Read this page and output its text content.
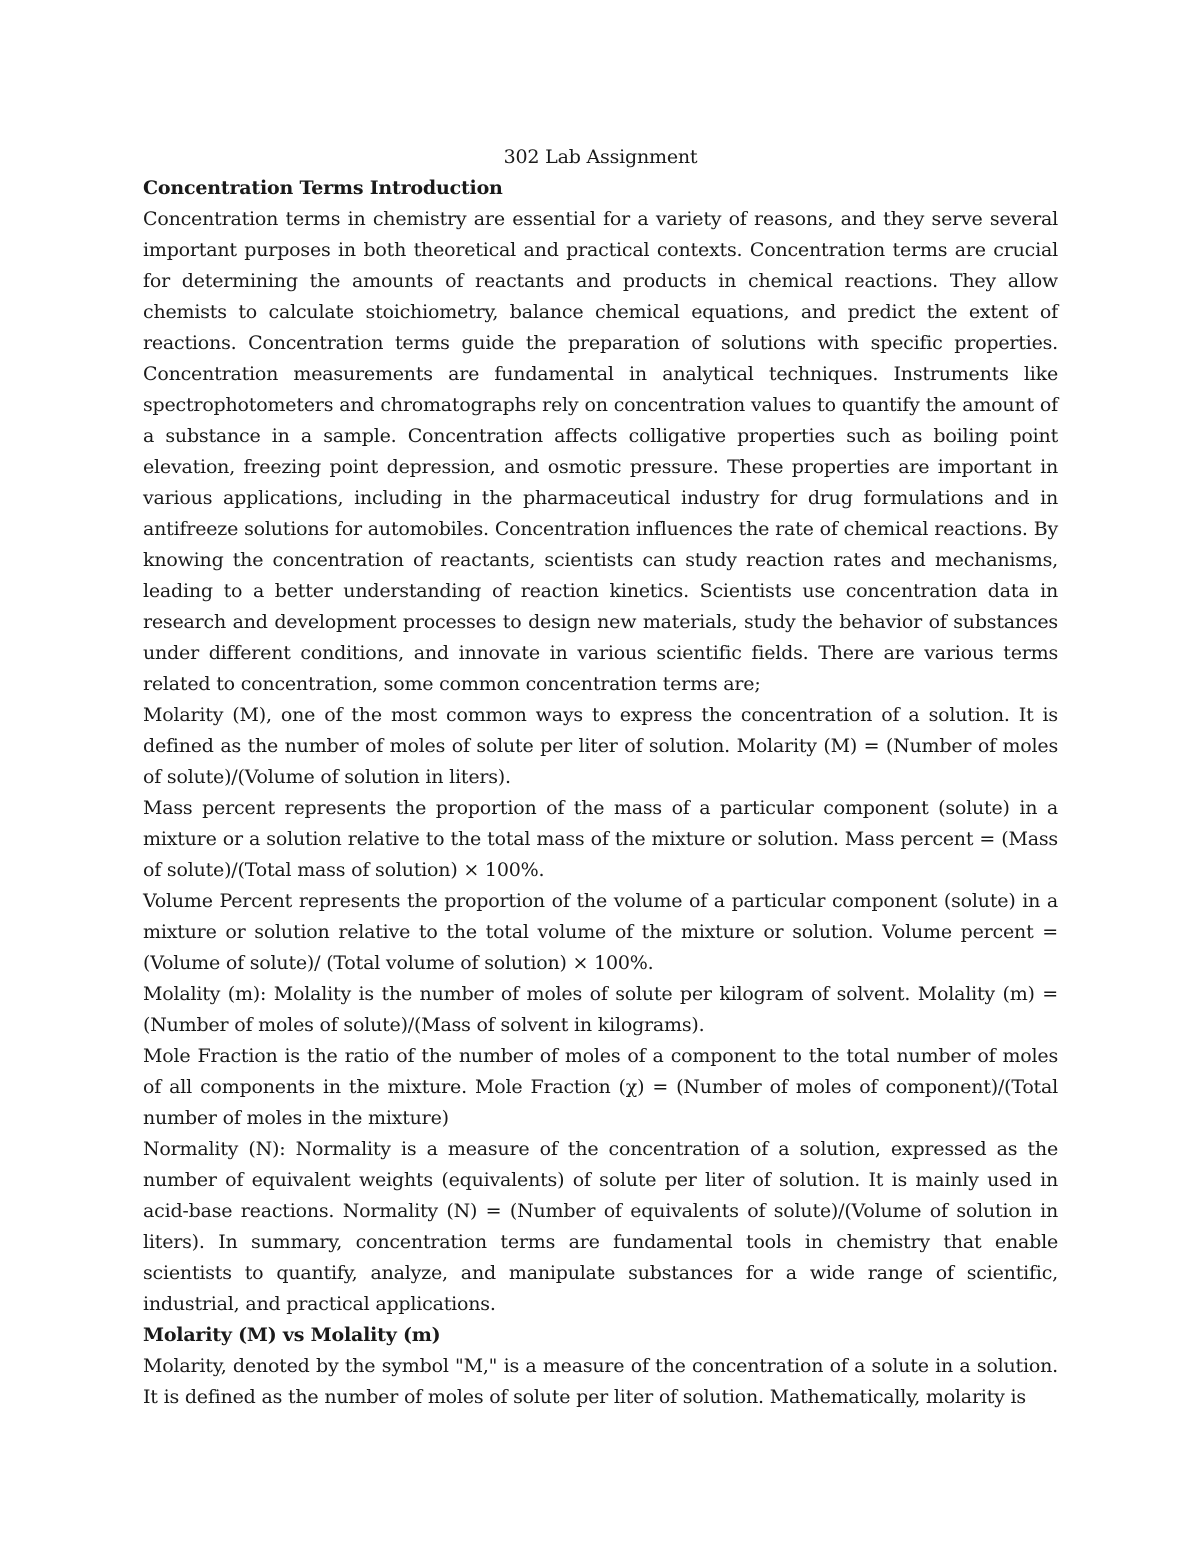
302 Lab Assignment

Concentration Terms Introduction

Concentration terms in chemistry are essential for a variety of reasons, and they serve several important purposes in both theoretical and practical contexts. Concentration terms are crucial for determining the amounts of reactants and products in chemical reactions. They allow chemists to calculate stoichiometry, balance chemical equations, and predict the extent of reactions. Concentration terms guide the preparation of solutions with specific properties. Concentration measurements are fundamental in analytical techniques. Instruments like spectrophotometers and chromatographs rely on concentration values to quantify the amount of a substance in a sample. Concentration affects colligative properties such as boiling point elevation, freezing point depression, and osmotic pressure. These properties are important in various applications, including in the pharmaceutical industry for drug formulations and in antifreeze solutions for automobiles. Concentration influences the rate of chemical reactions. By knowing the concentration of reactants, scientists can study reaction rates and mechanisms, leading to a better understanding of reaction kinetics. Scientists use concentration data in research and development processes to design new materials, study the behavior of substances under different conditions, and innovate in various scientific fields. There are various terms related to concentration, some common concentration terms are;

Molarity (M), one of the most common ways to express the concentration of a solution. It is defined as the number of moles of solute per liter of solution. Molarity (M) = (Number of moles of solute)/(Volume of solution in liters).

Mass percent represents the proportion of the mass of a particular component (solute) in a mixture or a solution relative to the total mass of the mixture or solution. Mass percent = (Mass of solute)/(Total mass of solution) × 100%.

Volume Percent represents the proportion of the volume of a particular component (solute) in a mixture or solution relative to the total volume of the mixture or solution. Volume percent = (Volume of solute)/ (Total volume of solution) × 100%.

Molality (m): Molality is the number of moles of solute per kilogram of solvent. Molality (m) = (Number of moles of solute)/(Mass of solvent in kilograms).

Mole Fraction is the ratio of the number of moles of a component to the total number of moles of all components in the mixture. Mole Fraction (χ) = (Number of moles of component)/(Total number of moles in the mixture)

Normality (N): Normality is a measure of the concentration of a solution, expressed as the number of equivalent weights (equivalents) of solute per liter of solution. It is mainly used in acid-base reactions. Normality (N) = (Number of equivalents of solute)/(Volume of solution in liters). In summary, concentration terms are fundamental tools in chemistry that enable scientists to quantify, analyze, and manipulate substances for a wide range of scientific, industrial, and practical applications.

Molarity (M) vs Molality (m)

Molarity, denoted by the symbol "M," is a measure of the concentration of a solute in a solution. It is defined as the number of moles of solute per liter of solution. Mathematically, molarity is
